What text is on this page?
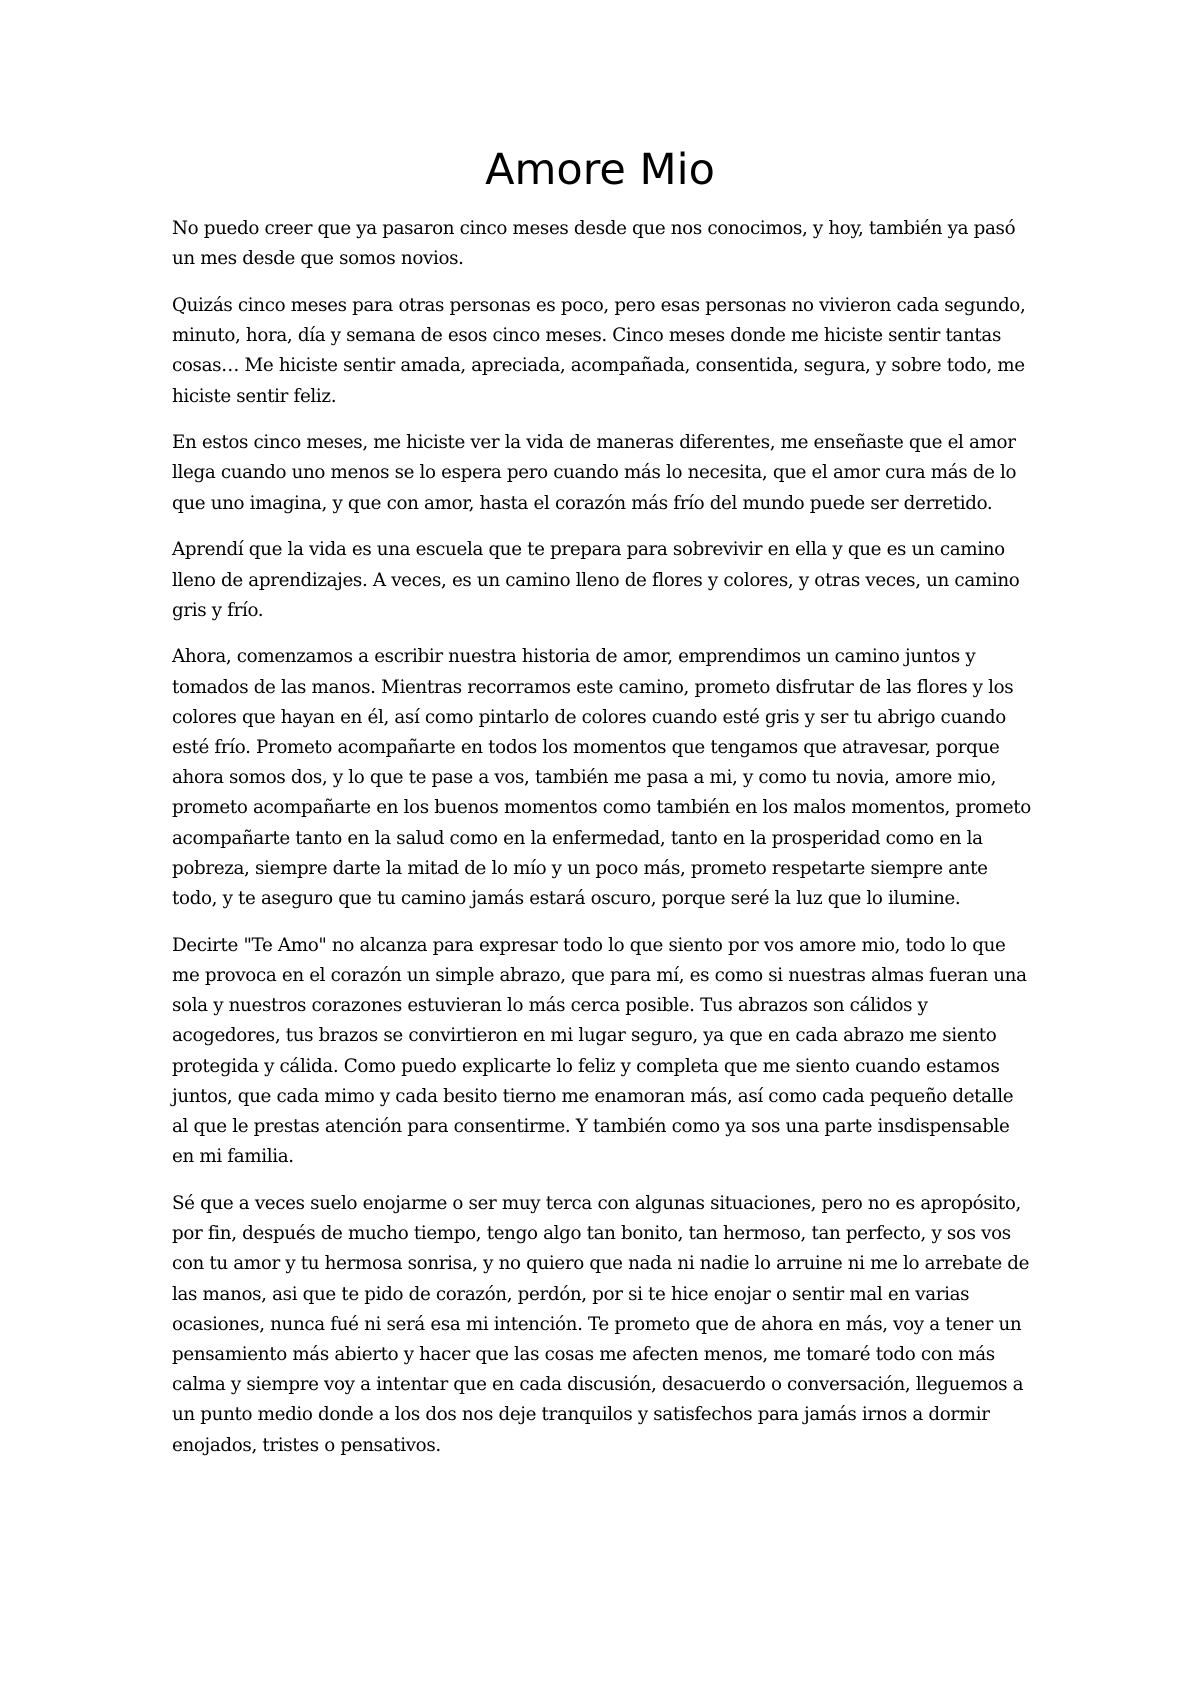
Amore Mio

No puedo creer que ya pasaron cinco meses desde que nos conocimos, y hoy, también ya pasó un mes desde que somos novios.

Quizás cinco meses para otras personas es poco, pero esas personas no vivieron cada segundo, minuto, hora, día y semana de esos cinco meses. Cinco meses donde me hiciste sentir tantas cosas… Me hiciste sentir amada, apreciada, acompañada, consentida, segura, y sobre todo, me hiciste sentir feliz.

En estos cinco meses, me hiciste ver la vida de maneras diferentes, me enseñaste que el amor llega cuando uno menos se lo espera pero cuando más lo necesita, que el amor cura más de lo que uno imagina, y que con amor, hasta el corazón más frío del mundo puede ser derretido.

Aprendí que la vida es una escuela que te prepara para sobrevivir en ella y que es un camino lleno de aprendizajes. A veces, es un camino lleno de flores y colores, y otras veces, un camino gris y frío.

Ahora, comenzamos a escribir nuestra historia de amor, emprendimos un camino juntos y tomados de las manos. Mientras recorramos este camino, prometo disfrutar de las flores y los colores que hayan en él, así como pintarlo de colores cuando esté gris y ser tu abrigo cuando esté frío. Prometo acompañarte en todos los momentos que tengamos que atravesar, porque ahora somos dos, y lo que te pase a vos, también me pasa a mi, y como tu novia, amore mio, prometo acompañarte en los buenos momentos como también en los malos momentos, prometo acompañarte tanto en la salud como en la enfermedad, tanto en la prosperidad como en la pobreza, siempre darte la mitad de lo mío y un poco más, prometo respetarte siempre ante todo, y te aseguro que tu camino jamás estará oscuro, porque seré la luz que lo ilumine.

Decirte "Te Amo" no alcanza para expresar todo lo que siento por vos amore mio, todo lo que me provoca en el corazón un simple abrazo, que para mí, es como si nuestras almas fueran una sola y nuestros corazones estuvieran lo más cerca posible. Tus abrazos son cálidos y acogedores, tus brazos se convirtieron en mi lugar seguro, ya que en cada abrazo me siento protegida y cálida. Como puedo explicarte lo feliz y completa que me siento cuando estamos juntos, que cada mimo y cada besito tierno me enamoran más, así como cada pequeño detalle al que le prestas atención para consentirme. Y también como ya sos una parte insdispensable en mi familia.

Sé que a veces suelo enojarme o ser muy terca con algunas situaciones, pero no es apropósito, por fin, después de mucho tiempo, tengo algo tan bonito, tan hermoso, tan perfecto, y sos vos con tu amor y tu hermosa sonrisa, y no quiero que nada ni nadie lo arruine ni me lo arrebate de las manos, asi que te pido de corazón, perdón, por si te hice enojar o sentir mal en varias ocasiones, nunca fué ni será esa mi intención. Te prometo que de ahora en más, voy a tener un pensamiento más abierto y hacer que las cosas me afecten menos, me tomaré todo con más calma y siempre voy a intentar que en cada discusión, desacuerdo o conversación, lleguemos a un punto medio donde a los dos nos deje tranquilos y satisfechos para jamás irnos a dormir enojados, tristes o pensativos.
